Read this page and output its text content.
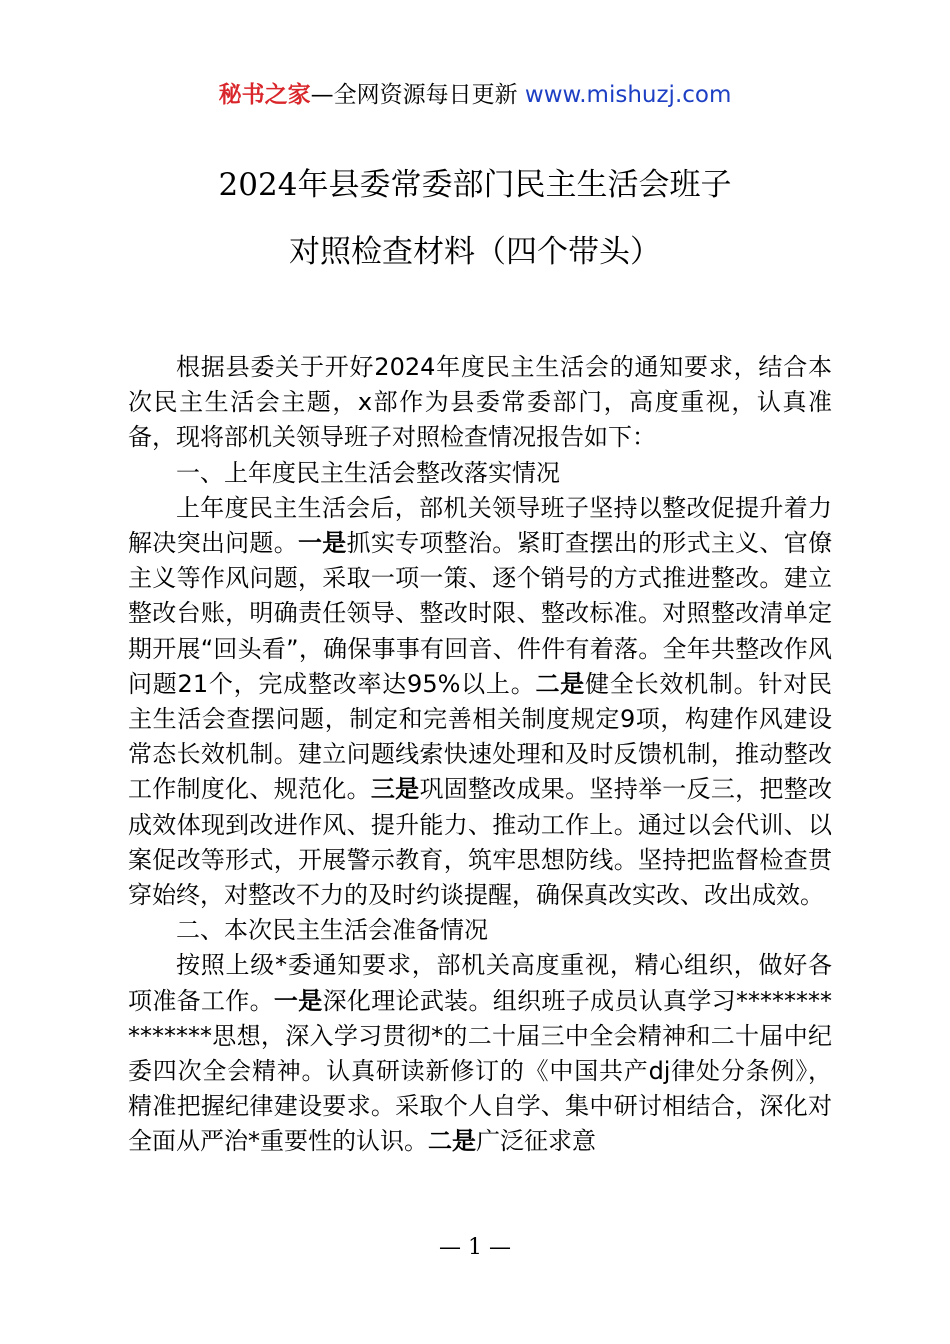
秘书之家—全网资源每日更新 www.mishuzj.com
2024年县委常委部门民主生活会班子
对照检查材料（四个带头）

根据县委关于开好2024年度民主生活会的通知要求，结合本次民主生活会主题，x部作为县委常委部门，高度重视，认真准备，现将部机关领导班子对照检查情况报告如下：

一、上年度民主生活会整改落实情况

上年度民主生活会后，部机关领导班子坚持以整改促提升着力解决突出问题。一是抓实专项整治。紧盯查摆出的形式主义、官僚主义等作风问题，采取一项一策、逐个销号的方式推进整改。建立整改台账，明确责任领导、整改时限、整改标准。对照整改清单定期开展“回头看”，确保事事有回音、件件有着落。全年共整改作风问题21个，完成整改率达95%以上。二是健全长效机制。针对民主生活会查摆问题，制定和完善相关制度规定9项，构建作风建设常态长效机制。建立问题线索快速处理和及时反馈机制，推动整改工作制度化、规范化。三是巩固整改成果。坚持举一反三，把整改成效体现到改进作风、提升能力、推动工作上。通过以会代训、以案促改等形式，开展警示教育，筑牢思想防线。坚持把监督检查贯穿始终，对整改不力的及时约谈提醒，确保真改实改、改出成效。

二、本次民主生活会准备情况

按照上级*委通知要求，部机关高度重视，精心组织，做好各项准备工作。一是深化理论武装。组织班子成员认真学习***************思想，深入学习贯彻*的二十届三中全会精神和二十届中纪委四次全会精神。认真研读新修订的《中国共产dj律处分条例》，精准把握纪律建设要求。采取个人自学、集中研讨相结合，深化对全面从严治*重要性的认识。二是广泛征求意

— 1 —
